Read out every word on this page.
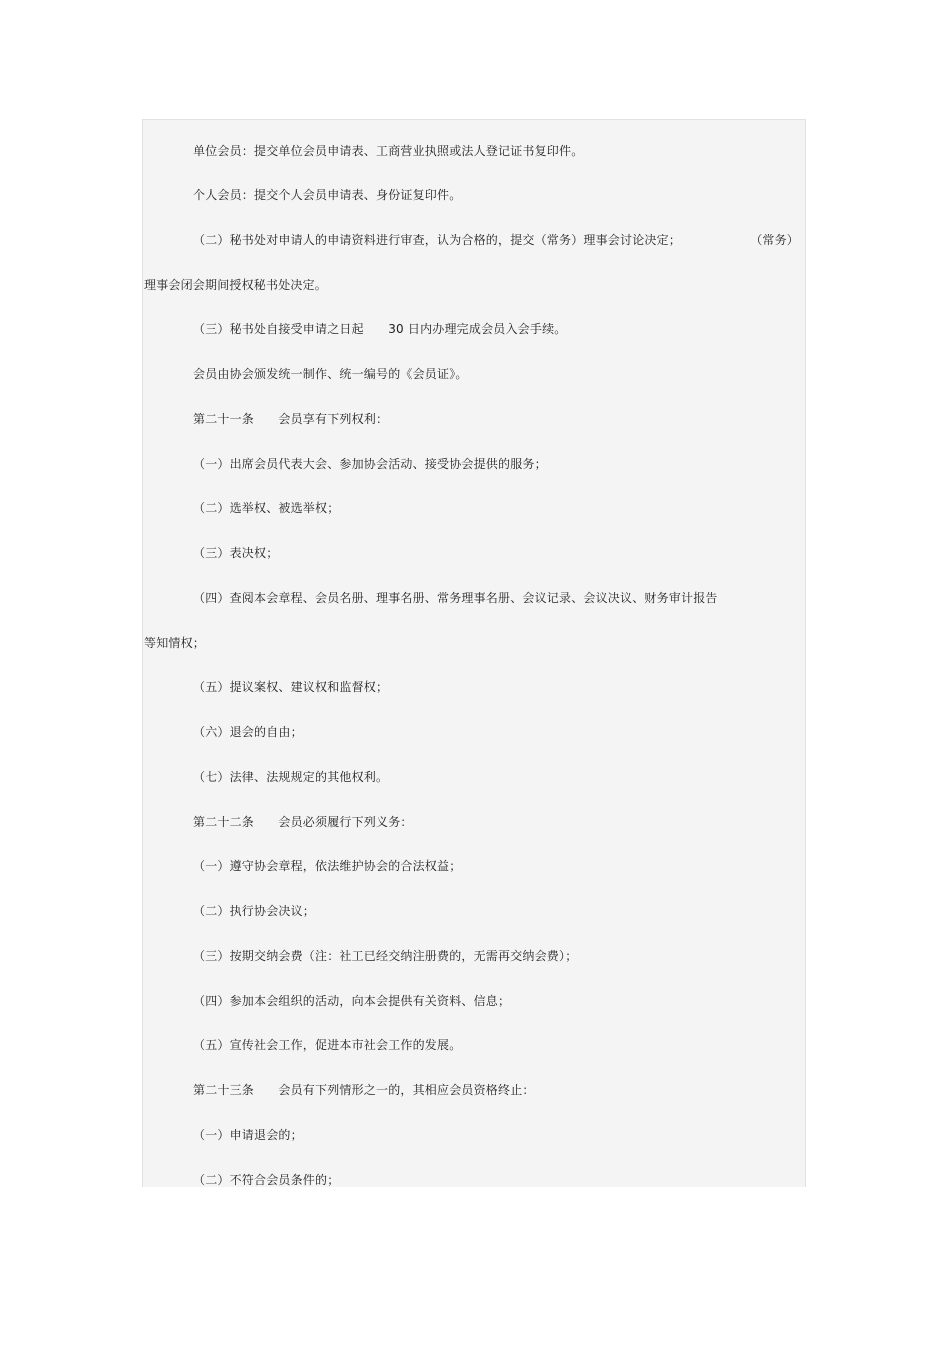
单位会员：提交单位会员申请表、工商营业执照或法人登记证书复印件。
个人会员：提交个人会员申请表、身份证复印件。
（二）秘书处对申请人的申请资料进行审查，认为合格的，提交（常务）理事会讨论决定；	（常务）
理事会闭会期间授权秘书处决定。
（三）秘书处自接受申请之日起　　30 日内办理完成会员入会手续。
会员由协会颁发统一制作、统一编号的《会员证》。
第二十一条　　会员享有下列权利：
（一）出席会员代表大会、参加协会活动、接受协会提供的服务；
（二）选举权、被选举权；
（三）表决权；
（四）查阅本会章程、会员名册、理事名册、常务理事名册、会议记录、会议决议、财务审计报告
等知情权；
（五）提议案权、建议权和监督权；
（六）退会的自由；
（七）法律、法规规定的其他权利。
第二十二条　　会员必须履行下列义务：
（一）遵守协会章程，依法维护协会的合法权益；
（二）执行协会决议；
（三）按期交纳会费（注：社工已经交纳注册费的，无需再交纳会费）；
（四）参加本会组织的活动，向本会提供有关资料、信息；
（五）宣传社会工作，促进本市社会工作的发展。
第二十三条　　会员有下列情形之一的，其相应会员资格终止：
（一）申请退会的；
（二）不符合会员条件的；
